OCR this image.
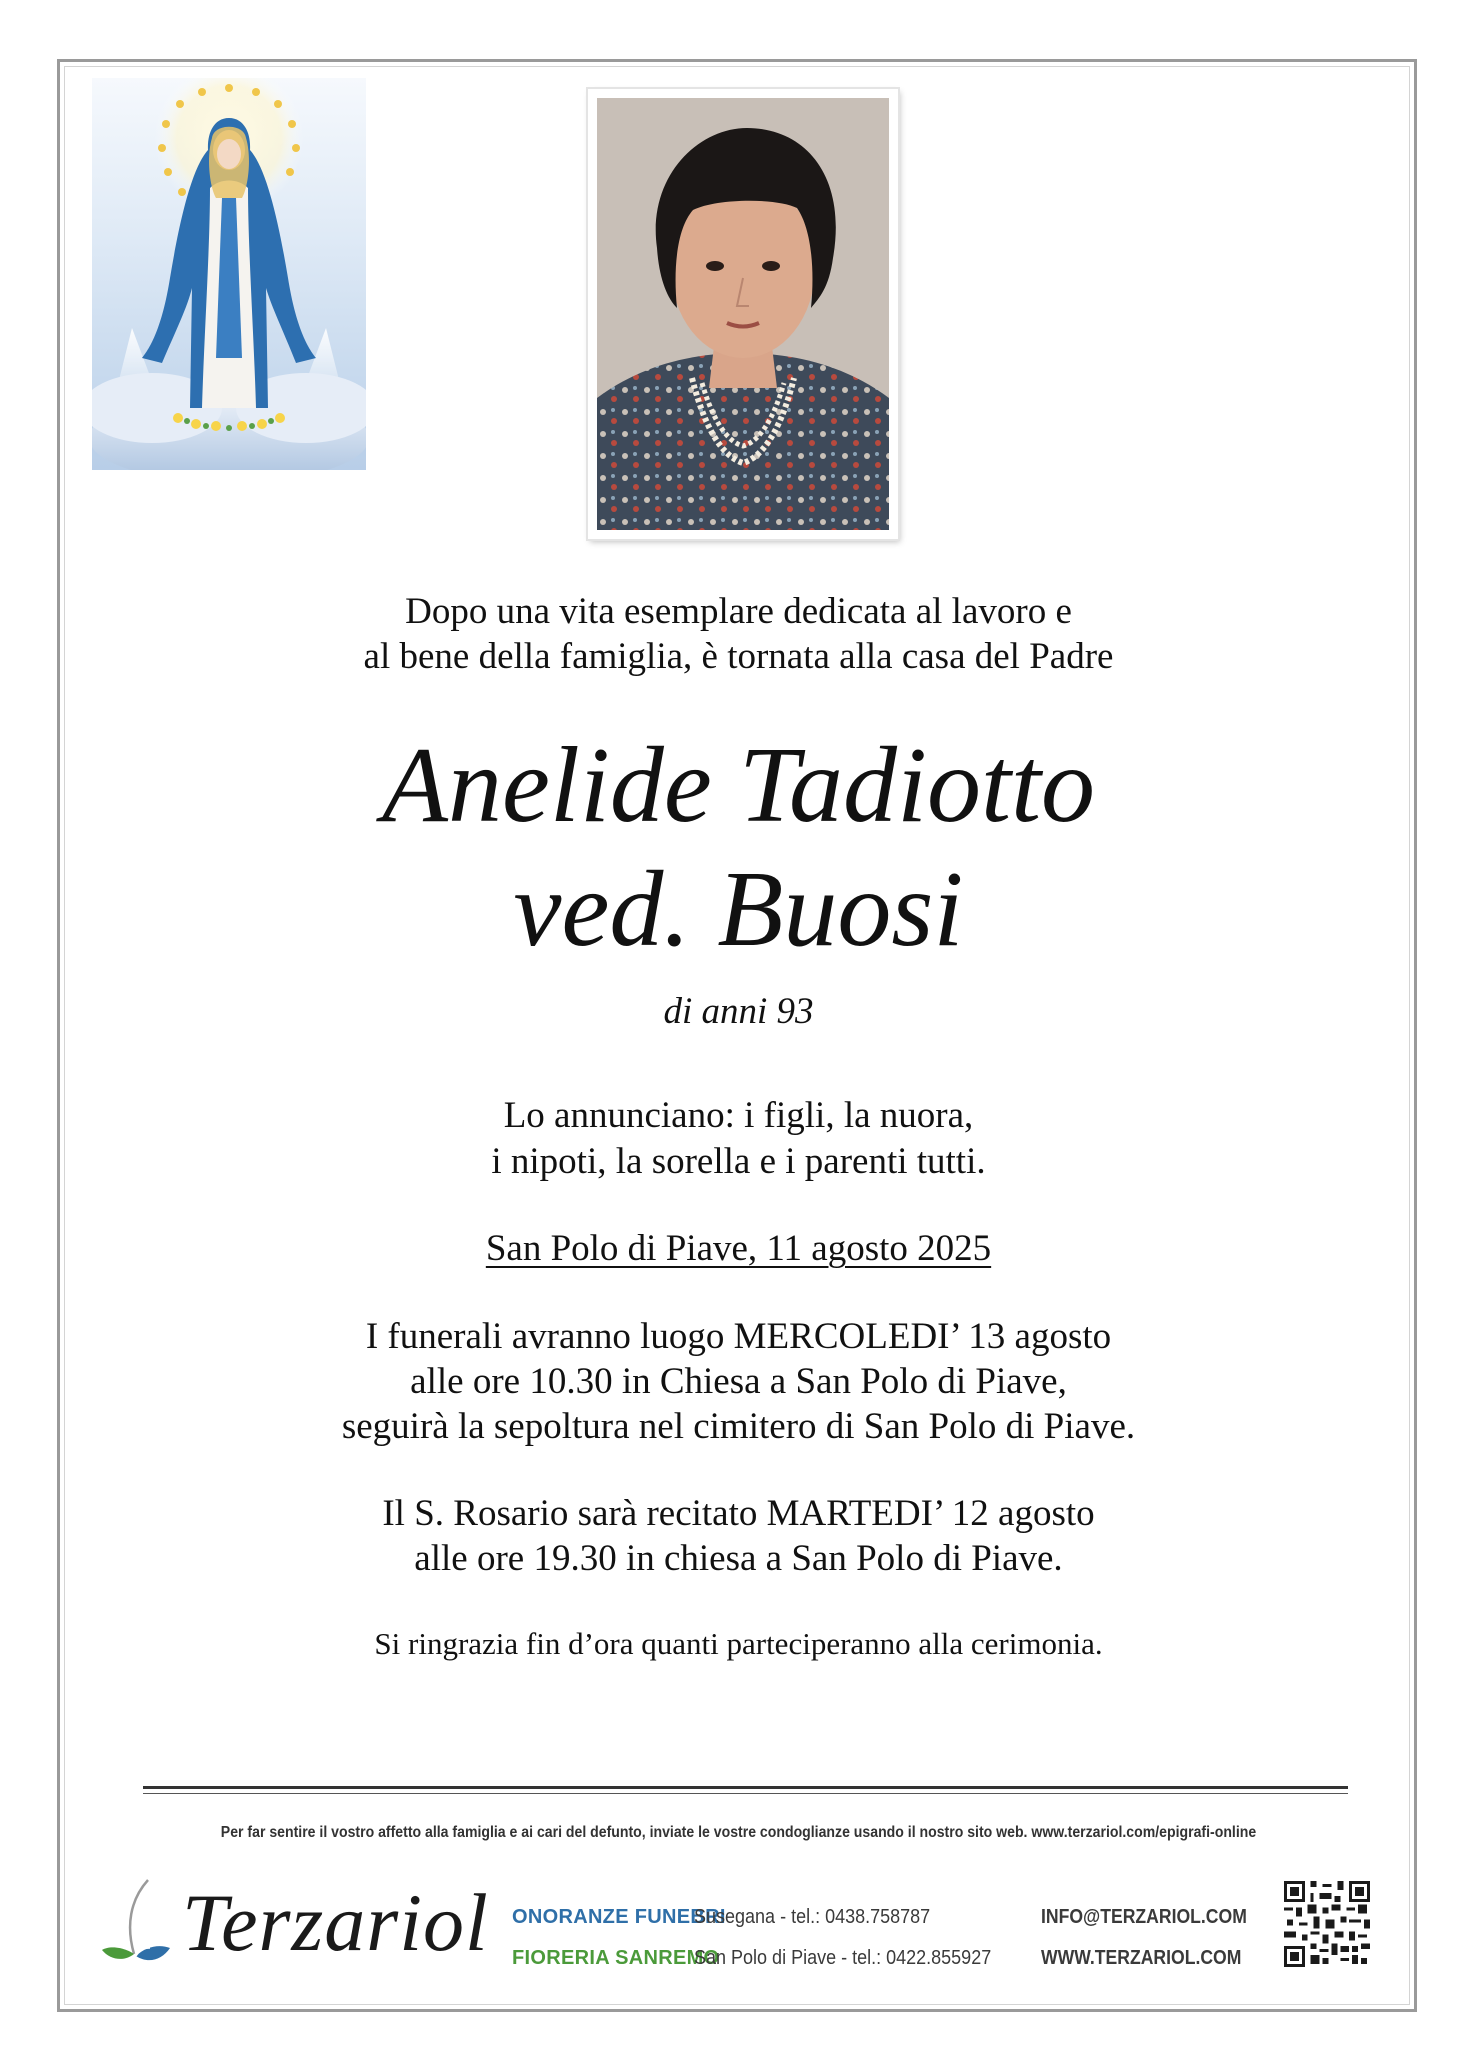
Dopo una vita esemplare dedicata al lavoro e
al bene della famiglia, è tornata alla casa del Padre

Anelide Tadiotto
ved. Buosi

di anni 93

Lo annunciano: i figli, la nuora,
i nipoti, la sorella e i parenti tutti.

San Polo di Piave, 11 agosto 2025

I funerali avranno luogo MERCOLEDI’ 13 agosto
alle ore 10.30 in Chiesa a San Polo di Piave,
seguirà la sepoltura nel cimitero di San Polo di Piave.

Il S. Rosario sarà recitato MARTEDI’ 12 agosto
alle ore 19.30 in chiesa a San Polo di Piave.

Si ringrazia fin d’ora quanti parteciperanno alla cerimonia.

Per far sentire il vostro affetto alla famiglia e ai cari del defunto, inviate le vostre condoglianze usando il nostro sito web. www.terzariol.com/epigrafi-online
Terzariol ONORANZE FUNEBRI
FIORERIA SANREMO
Susegana - tel.: 0438.758787
San Polo di Piave - tel.: 0422.855927
INFO@TERZARIOL.COM
WWW.TERZARIOL.COM
